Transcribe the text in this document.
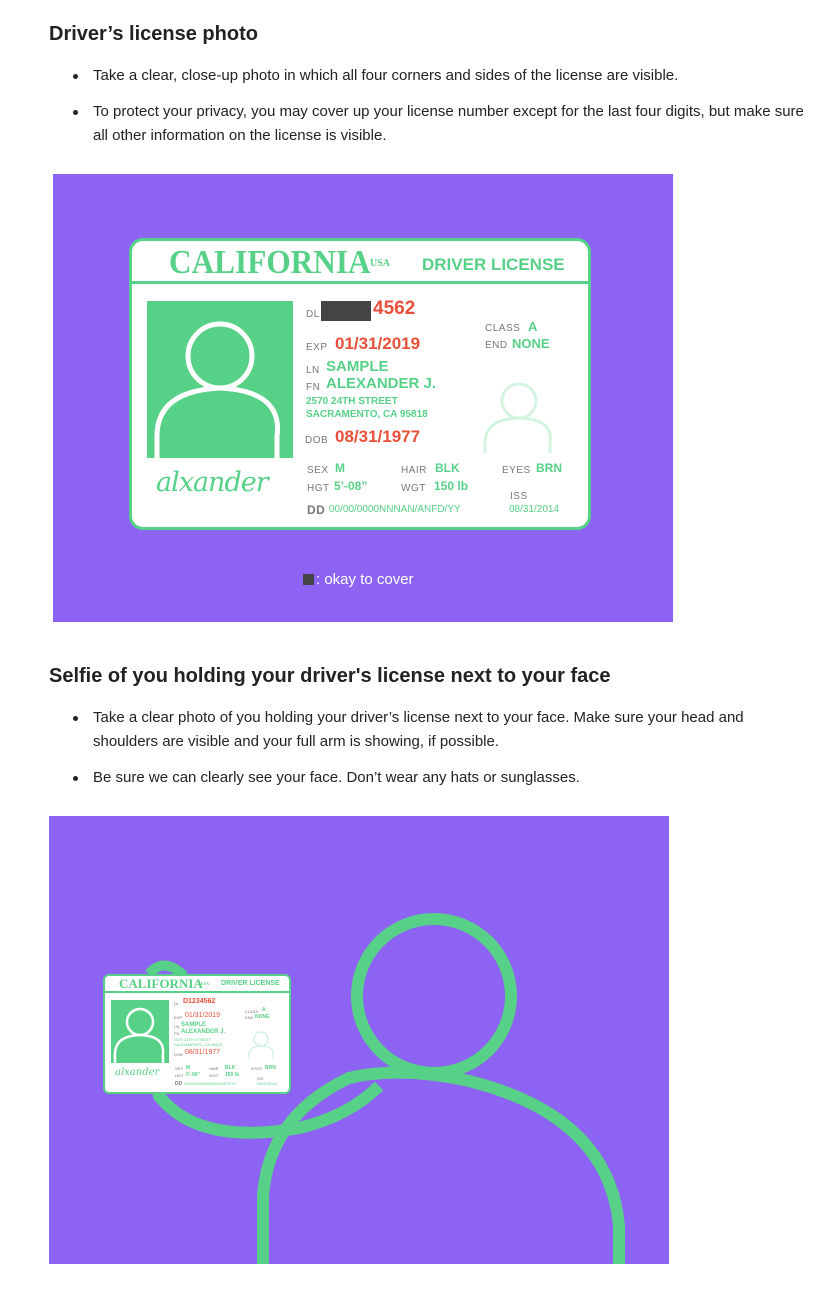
Driver’s license photo
Take a clear, close-up photo in which all four corners and sides of the license are visible.
To protect your privacy, you may cover up your license number except for the last four digits, but make sure all other information on the license is visible.
CALIFORNIA USA DRIVER LICENSE
alxander
DL	4562
EXP 01/31/2019
LN SAMPLE
FN ALEXANDER J.
2570 24TH STREET
SACRAMENTO, CA 95818
DOB 08/31/1977
CLASS A
END NONE
SEX M	HAIR BLK	EYES BRN
HGT 5’-08”	WGT 150 lb
ISS
DD 00/00/0000NNNAN/ANFD/YY	08/31/2014
: okay to cover
Selfie of you holding your driver's license next to your face
Take a clear photo of you holding your driver’s license next to your face. Make sure your head and shoulders are visible and your full arm is showing, if possible.
Be sure we can clearly see your face. Don’t wear any hats or sunglasses.
CALIFORNIA
USA DRIVER LICENSE
alxander
DL D1234562
EXP 01/31/2019
LN SAMPLE
FN ALEXANDER J.
2570 24TH STREET
SACRAMENTO, CA 95818
DOB 08/31/1977
CLASS A
END NONE
SEX M	HAIR BLK	EYES BRN
HGT 5’-08” WGT 150 lb
ISS
DD 00/00/0000NNNAN/ANFD/YY	08/31/2014
